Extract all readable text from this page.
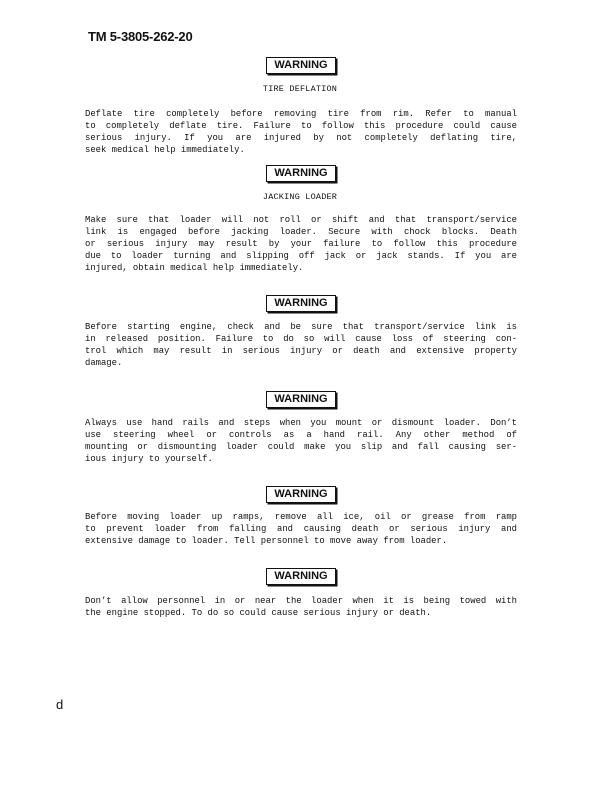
TM 5-3805-262-20
WARNING
TIRE DEFLATION
Deflate tire completely before removing tire from rim. Refer to manual
to completely deflate tire. Failure to follow this procedure could cause
serious injury. If you are injured by not completely deflating tire,
seek medical help immediately.
WARNING
JACKING LOADER
Make sure that loader will not roll or shift and that transport/service
link is engaged before jacking loader. Secure with chock blocks. Death
or serious injury may result by your failure to follow this procedure
due to loader turning and slipping off jack or jack stands. If you are
injured, obtain medical help immediately.
WARNING
Before starting engine, check and be sure that transport/service link is
in released position. Failure to do so will cause loss of steering con-
trol which may result in serious injury or death and extensive property
damage.
WARNING
Always use hand rails and steps when you mount or dismount loader. Don’t
use steering wheel or controls as a hand rail. Any other method of
mounting or dismounting loader could make you slip and fall causing ser-
ious injury to yourself.
WARNING
Before moving loader up ramps, remove all ice, oil or grease from ramp
to prevent loader from falling and causing death or serious injury and
extensive damage to loader. Tell personnel to move away from loader.
WARNING
Don’t allow personnel in or near the loader when it is being towed with
the engine stopped. To do so could cause serious injury or death.
d
